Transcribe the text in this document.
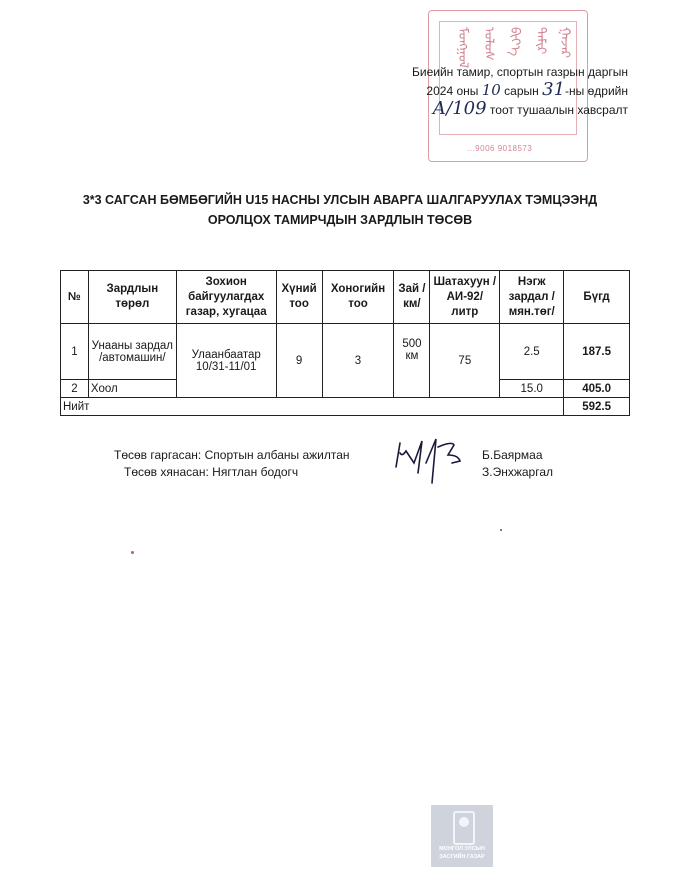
ᠮᠣᠩᠭᠣᠯ ᠤᠯᠤᠰ ᠪᠢᠶ᠎ᠡ ᠲᠠᠮᠢᠷ ᠭᠠᠵᠠᠷ
...9006 9018573
Биеийн тамир, спортын газрын даргын
2024 оны 10 сарын 31-ны өдрийн
А/109 тоот тушаалын хавсралт
3*3 САГСАН БӨМБӨГИЙН U15 НАСНЫ УЛСЫН АВАРГА ШАЛГАРУУЛАХ ТЭМЦЭЭНД
ОРОЛЦОХ ТАМИРЧДЫН ЗАРДЛЫН ТӨСӨВ
№	Зардлын төрөл	Зохион байгуулагдах газар, хугацаа	Хүний тоо	Хоногийн тоо	Зай /км/	Шатахуун /АИ-92/ литр	Нэгж зардал /мян.төг/	Бүгд
1	Унааны зардал /автомашин/	Улаанбаатар 10/31-11/01	9	3	500 км	75	2.5	187.5
2	Хоол						15.0	405.0
Нийт								592.5
Төсөв гаргасан: Спортын албаны ажилтан
Төсөв хянасан: Нягтлан бодогч
Б.Баярмаа
З.Энхжаргал
МОНГОЛ УЛСЫН
ЗАСГИЙН ГАЗАР
